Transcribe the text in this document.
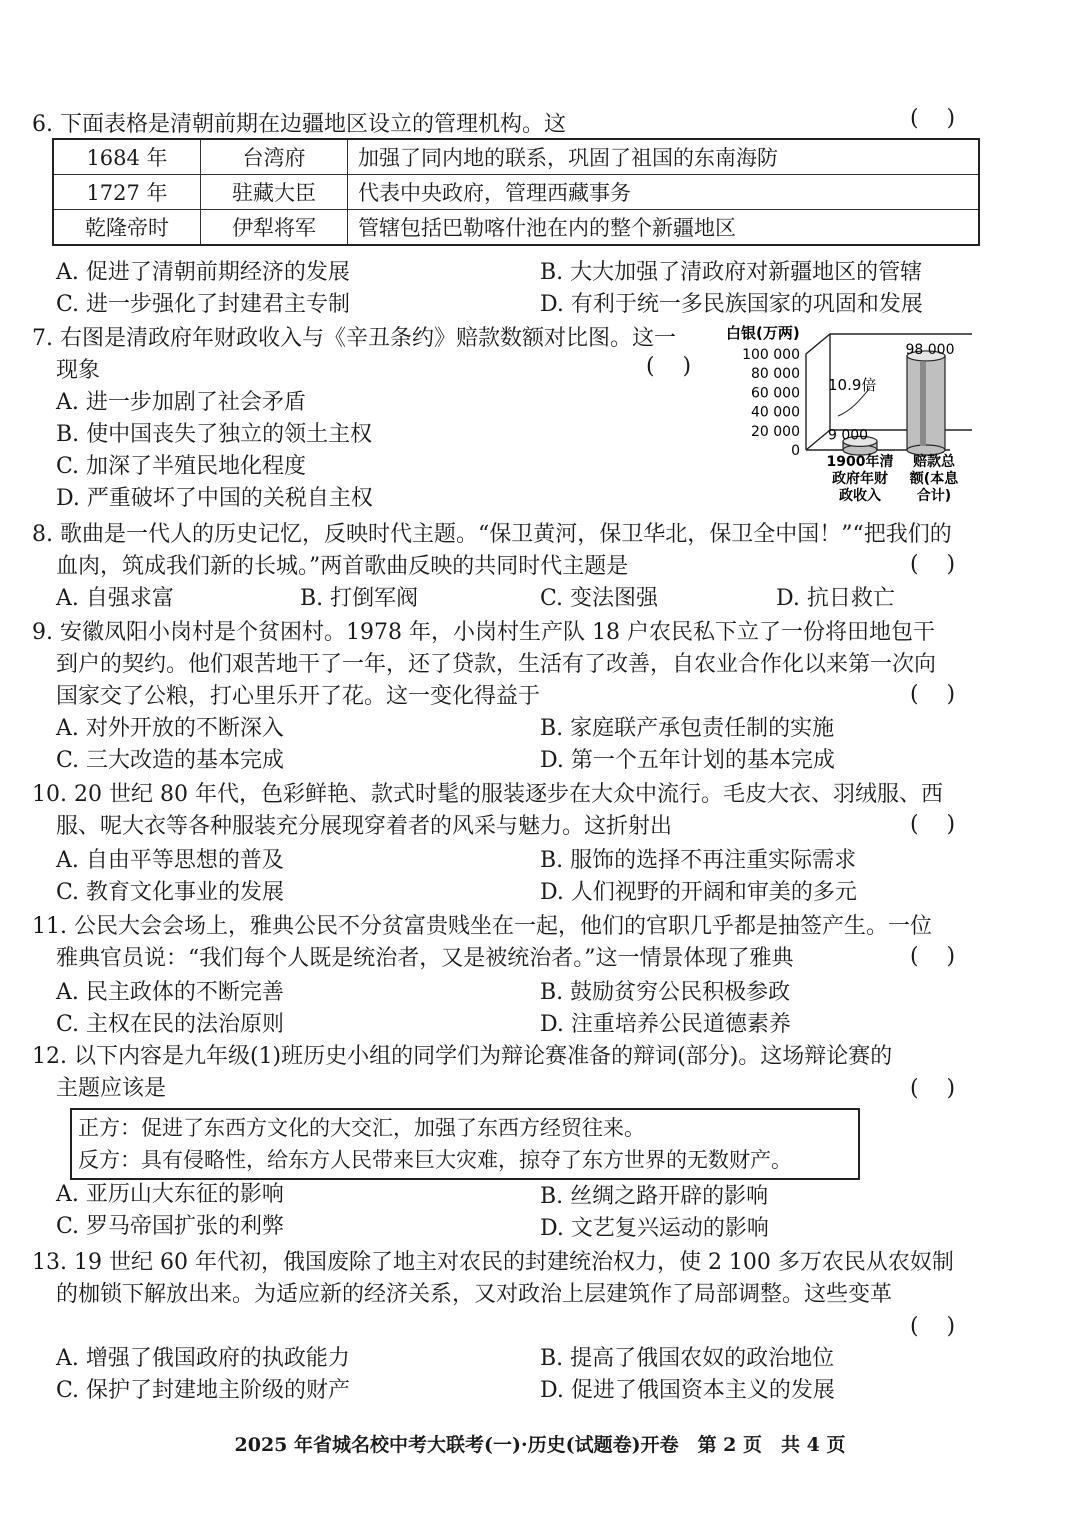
6. 下面表格是清朝前期在边疆地区设立的管理机构。这	(    )
1684 年	台湾府	加强了同内地的联系，巩固了祖国的东南海防
1727 年	驻藏大臣	代表中央政府，管理西藏事务
乾隆帝时	伊犁将军	管辖包括巴勒喀什池在内的整个新疆地区
A. 促进了清朝前期经济的发展	B. 大大加强了清政府对新疆地区的管辖
C. 进一步强化了封建君主专制	D. 有利于统一多民族国家的巩固和发展
7. 右图是清政府年财政收入与《辛丑条约》赔款数额对比图。这一
现象	(    )
A. 进一步加剧了社会矛盾
B. 使中国丧失了独立的领土主权
C. 加深了半殖民地化程度
D. 严重破坏了中国的关税自主权
白银(万两)
100 000
80 000
60 000
40 000
20 000
0
9 000
98 000
10.9倍
1900年清
政府年财
政收入
赔款总
额(本息
合计)
8. 歌曲是一代人的历史记忆，反映时代主题。“保卫黄河，保卫华北，保卫全中国！”“把我们的
血肉，筑成我们新的长城。”两首歌曲反映的共同时代主题是	(    )
A. 自强求富	B. 打倒军阀	C. 变法图强	D. 抗日救亡
9. 安徽凤阳小岗村是个贫困村。1978 年，小岗村生产队 18 户农民私下立了一份将田地包干
到户的契约。他们艰苦地干了一年，还了贷款，生活有了改善，自农业合作化以来第一次向
国家交了公粮，打心里乐开了花。这一变化得益于	(    )
A. 对外开放的不断深入	B. 家庭联产承包责任制的实施
C. 三大改造的基本完成	D. 第一个五年计划的基本完成
10. 20 世纪 80 年代，色彩鲜艳、款式时髦的服装逐步在大众中流行。毛皮大衣、羽绒服、西
服、呢大衣等各种服装充分展现穿着者的风采与魅力。这折射出	(    )
A. 自由平等思想的普及	B. 服饰的选择不再注重实际需求
C. 教育文化事业的发展	D. 人们视野的开阔和审美的多元
11. 公民大会会场上，雅典公民不分贫富贵贱坐在一起，他们的官职几乎都是抽签产生。一位
雅典官员说：“我们每个人既是统治者，又是被统治者。”这一情景体现了雅典	(    )
A. 民主政体的不断完善	B. 鼓励贫穷公民积极参政
C. 主权在民的法治原则	D. 注重培养公民道德素养
12. 以下内容是九年级(1)班历史小组的同学们为辩论赛准备的辩词(部分)。这场辩论赛的
主题应该是	(    )
正方：促进了东西方文化的大交汇，加强了东西方经贸往来。
反方：具有侵略性，给东方人民带来巨大灾难，掠夺了东方世界的无数财产。
A. 亚历山大东征的影响	B. 丝绸之路开辟的影响
C. 罗马帝国扩张的利弊	D. 文艺复兴运动的影响
13. 19 世纪 60 年代初，俄国废除了地主对农民的封建统治权力，使 2 100 多万农民从农奴制
的枷锁下解放出来。为适应新的经济关系，又对政治上层建筑作了局部调整。这些变革
(    )
A. 增强了俄国政府的执政能力	B. 提高了俄国农奴的政治地位
C. 保护了封建地主阶级的财产	D. 促进了俄国资本主义的发展
2025 年省城名校中考大联考(一)·历史(试题卷)开卷　第 2 页　共 4 页
